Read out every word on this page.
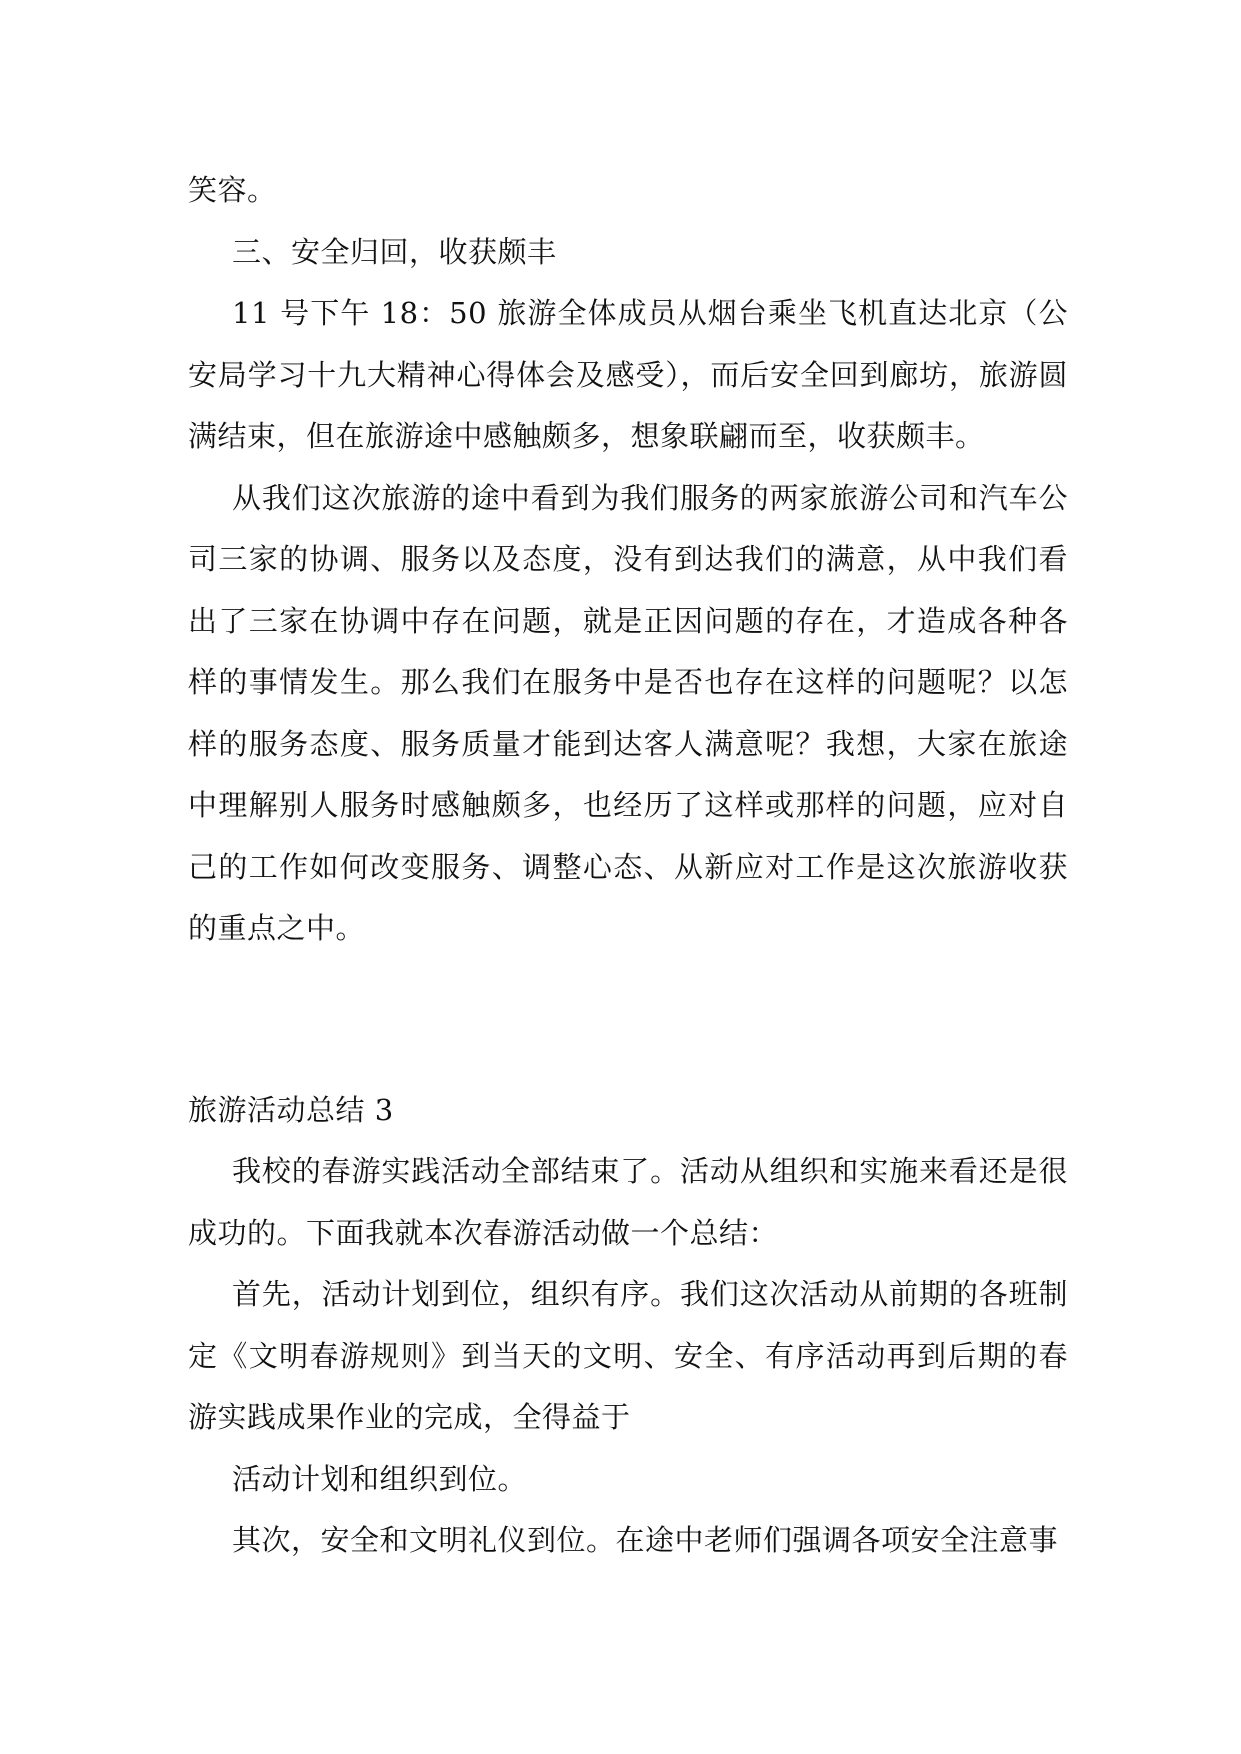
笑容。

三、安全归回，收获颇丰

11 号下午 18：50 旅游全体成员从烟台乘坐飞机直达北京（公安局学习十九大精神心得体会及感受），而后安全回到廊坊，旅游圆满结束，但在旅游途中感触颇多，想象联翩而至，收获颇丰。

从我们这次旅游的途中看到为我们服务的两家旅游公司和汽车公司三家的协调、服务以及态度，没有到达我们的满意，从中我们看出了三家在协调中存在问题，就是正因问题的存在，才造成各种各样的事情发生。那么我们在服务中是否也存在这样的问题呢？以怎样的服务态度、服务质量才能到达客人满意呢？我想，大家在旅途中理解别人服务时感触颇多，也经历了这样或那样的问题，应对自己的工作如何改变服务、调整心态、从新应对工作是这次旅游收获的重点之中。

旅游活动总结 3

我校的春游实践活动全部结束了。活动从组织和实施来看还是很成功的。下面我就本次春游活动做一个总结：

首先，活动计划到位，组织有序。我们这次活动从前期的各班制定《文明春游规则》到当天的文明、安全、有序活动再到后期的春游实践成果作业的完成，全得益于

活动计划和组织到位。

其次，安全和文明礼仪到位。在途中老师们强调各项安全注意事
